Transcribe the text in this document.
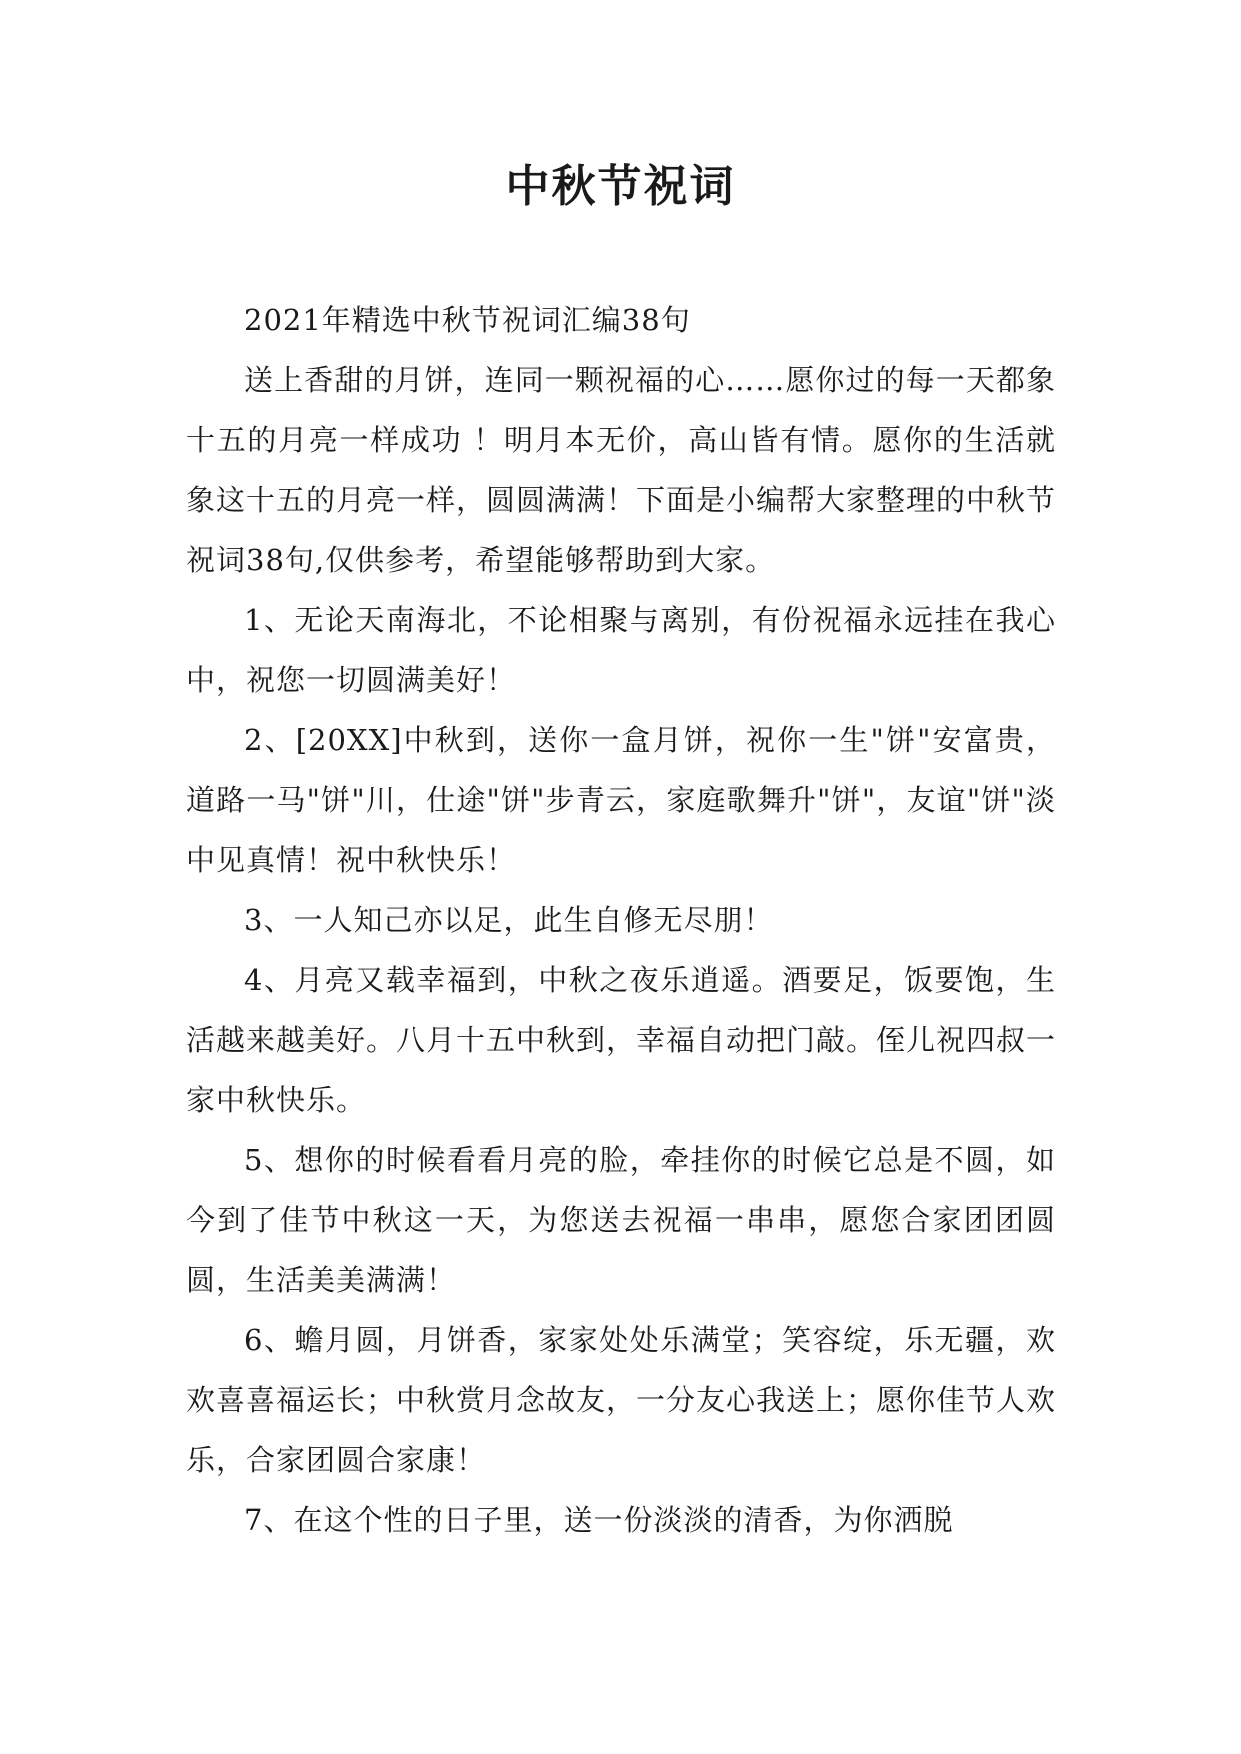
中秋节祝词

2021年精选中秋节祝词汇编38句

送上香甜的月饼，连同一颗祝福的心……愿你过的每一天都象十五的月亮一样成功 ！明月本无价，高山皆有情。愿你的生活就象这十五的月亮一样，圆圆满满！下面是小编帮大家整理的中秋节祝词38句,仅供参考，希望能够帮助到大家。

1、无论天南海北，不论相聚与离别，有份祝福永远挂在我心中，祝您一切圆满美好！

2、[20XX]中秋到，送你一盒月饼，祝你一生"饼"安富贵，道路一马"饼"川，仕途"饼"步青云，家庭歌舞升"饼"，友谊"饼"淡中见真情！祝中秋快乐！

3、一人知己亦以足，此生自修无尽朋！

4、月亮又载幸福到，中秋之夜乐逍遥。酒要足，饭要饱，生活越来越美好。八月十五中秋到，幸福自动把门敲。侄儿祝四叔一家中秋快乐。

5、想你的时候看看月亮的脸，牵挂你的时候它总是不圆，如今到了佳节中秋这一天，为您送去祝福一串串，愿您合家团团圆圆，生活美美满满！

6、蟾月圆，月饼香，家家处处乐满堂；笑容绽，乐无疆，欢欢喜喜福运长；中秋赏月念故友，一分友心我送上；愿你佳节人欢乐，合家团圆合家康！

7、在这个性的日子里，送一份淡淡的清香，为你洒脱
